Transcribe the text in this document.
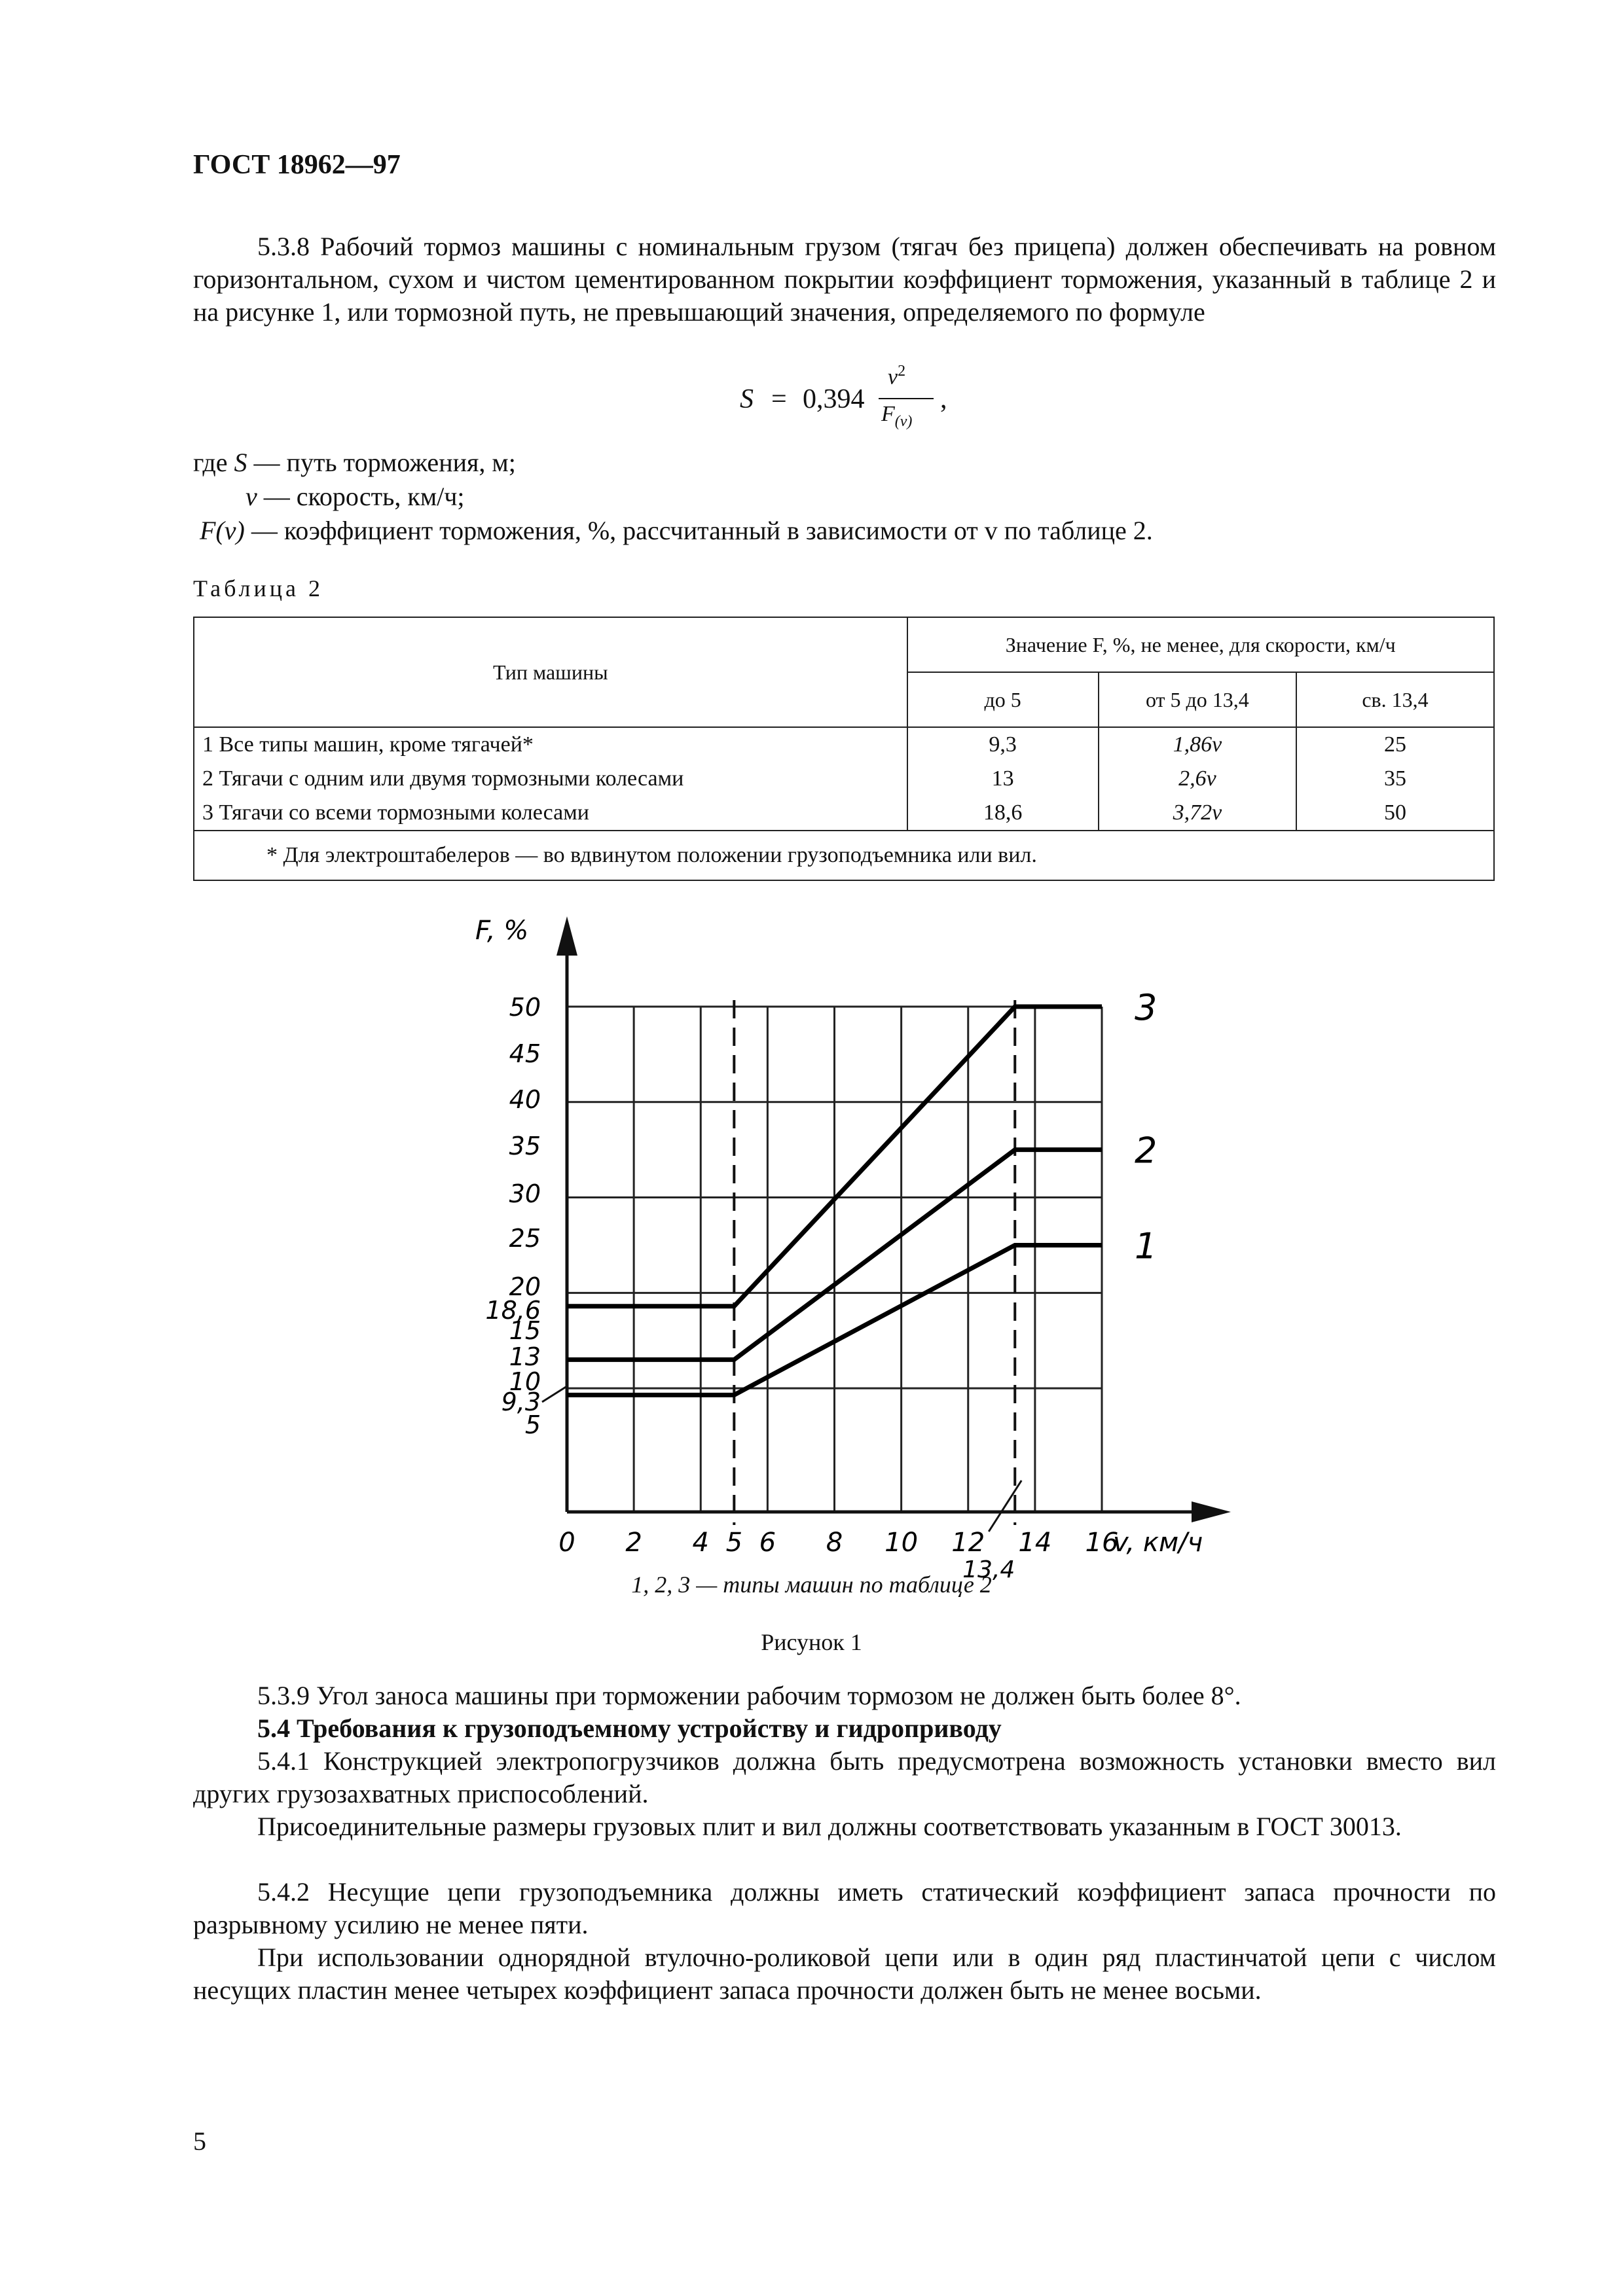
ГОСТ 18962—97
5.3.8 Рабочий тормоз машины с номинальным грузом (тягач без прицепа) должен обеспечивать на ровном горизонтальном, сухом и чистом цементированном покрытии коэффициент торможения, указанный в таблице 2 и на рисунке 1, или тормозной путь, не превышающий значения, определяемого по формуле
S = 0,394
$v^2$
$F_{(v)}$
,
где S — путь торможения, м;
v — скорость, км/ч;
F(v) — коэффициент торможения, %, рассчитанный в зависимости от v по таблице 2.
Таблица 2
Тип машины	Значение F, %, не менее, для скорости, км/ч		
	до 5	от 5 до 13,4	св. 13,4
1 Все типы машин, кроме тягачей*	9,3	1,86v	25
2 Тягачи с одним или двумя тормозными колесами	13	2,6v	35
3 Тягачи со всеми тормозными колесами	18,6	3,72v	50
* Для электроштабелеров — во вдвинутом положении грузоподъемника или вил.			
F, %
v, км/ч
0 2 4 5 6 8 10 12 14 16
13,4
5
9,3
10
13
15
18,6
20
25
30
35
40
45
50
1
2
3
1, 2, 3 — типы машин по таблице 2
Рисунок 1
5.3.9 Угол заноса машины при торможении рабочим тормозом не должен быть более 8°.
5.4 Требования к грузоподъемному устройству и гидроприводу
5.4.1 Конструкцией электропогрузчиков должна быть предусмотрена возможность установки вместо вил других грузозахватных приспособлений.
Присоединительные размеры грузовых плит и вил должны соответствовать указанным в ГОСТ 30013.
5.4.2 Несущие цепи грузоподъемника должны иметь статический коэффициент запаса прочности по разрывному усилию не менее пяти.
При использовании однорядной втулочно-роликовой цепи или в один ряд пластинчатой цепи с числом несущих пластин менее четырех коэффициент запаса прочности должен быть не менее восьми.
5
